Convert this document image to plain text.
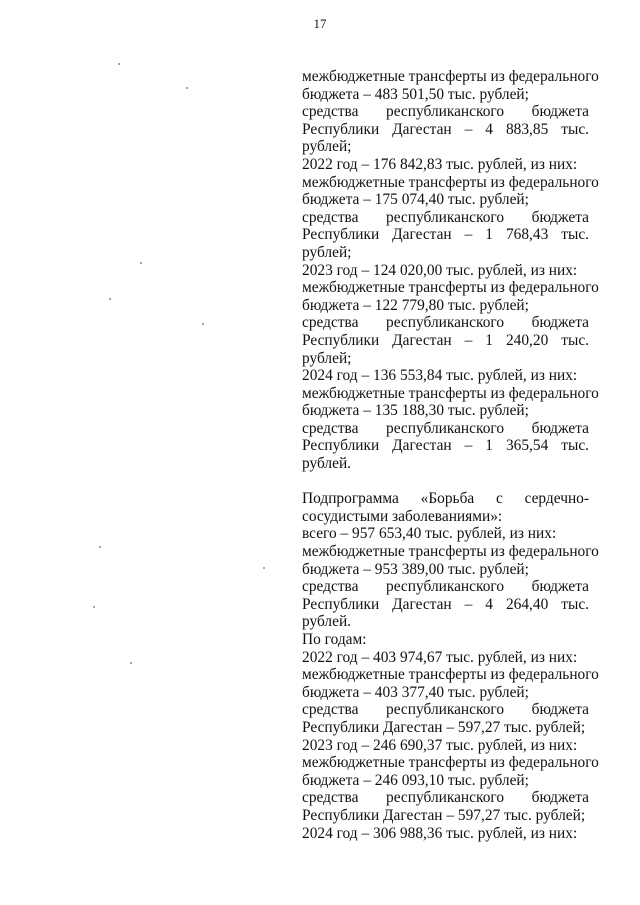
17
межбюджетные трансферты из федерального
бюджета – 483 501,50 тыс. рублей;
средства республиканского бюджета
Республики Дагестан – 4 883,85 тыс.
рублей;
2022 год – 176 842,83 тыс. рублей, из них:
межбюджетные трансферты из федерального
бюджета – 175 074,40 тыс. рублей;
средства республиканского бюджета
Республики Дагестан – 1 768,43 тыс.
рублей;
2023 год – 124 020,00 тыс. рублей, из них:
межбюджетные трансферты из федерального
бюджета – 122 779,80 тыс. рублей;
средства республиканского бюджета
Республики Дагестан – 1 240,20 тыс.
рублей;
2024 год – 136 553,84 тыс. рублей, из них:
межбюджетные трансферты из федерального
бюджета – 135 188,30 тыс. рублей;
средства республиканского бюджета
Республики Дагестан – 1 365,54 тыс.
рублей.
Подпрограмма «Борьба с сердечно-
сосудистыми заболеваниями»:
всего – 957 653,40 тыс. рублей, из них:
межбюджетные трансферты из федерального
бюджета – 953 389,00 тыс. рублей;
средства республиканского бюджета
Республики Дагестан – 4 264,40 тыс.
рублей.
По годам:
2022 год – 403 974,67 тыс. рублей, из них:
межбюджетные трансферты из федерального
бюджета – 403 377,40 тыс. рублей;
средства республиканского бюджета
Республики Дагестан – 597,27 тыс. рублей;
2023 год – 246 690,37 тыс. рублей, из них:
межбюджетные трансферты из федерального
бюджета – 246 093,10 тыс. рублей;
средства республиканского бюджета
Республики Дагестан – 597,27 тыс. рублей;
2024 год – 306 988,36 тыс. рублей, из них:
